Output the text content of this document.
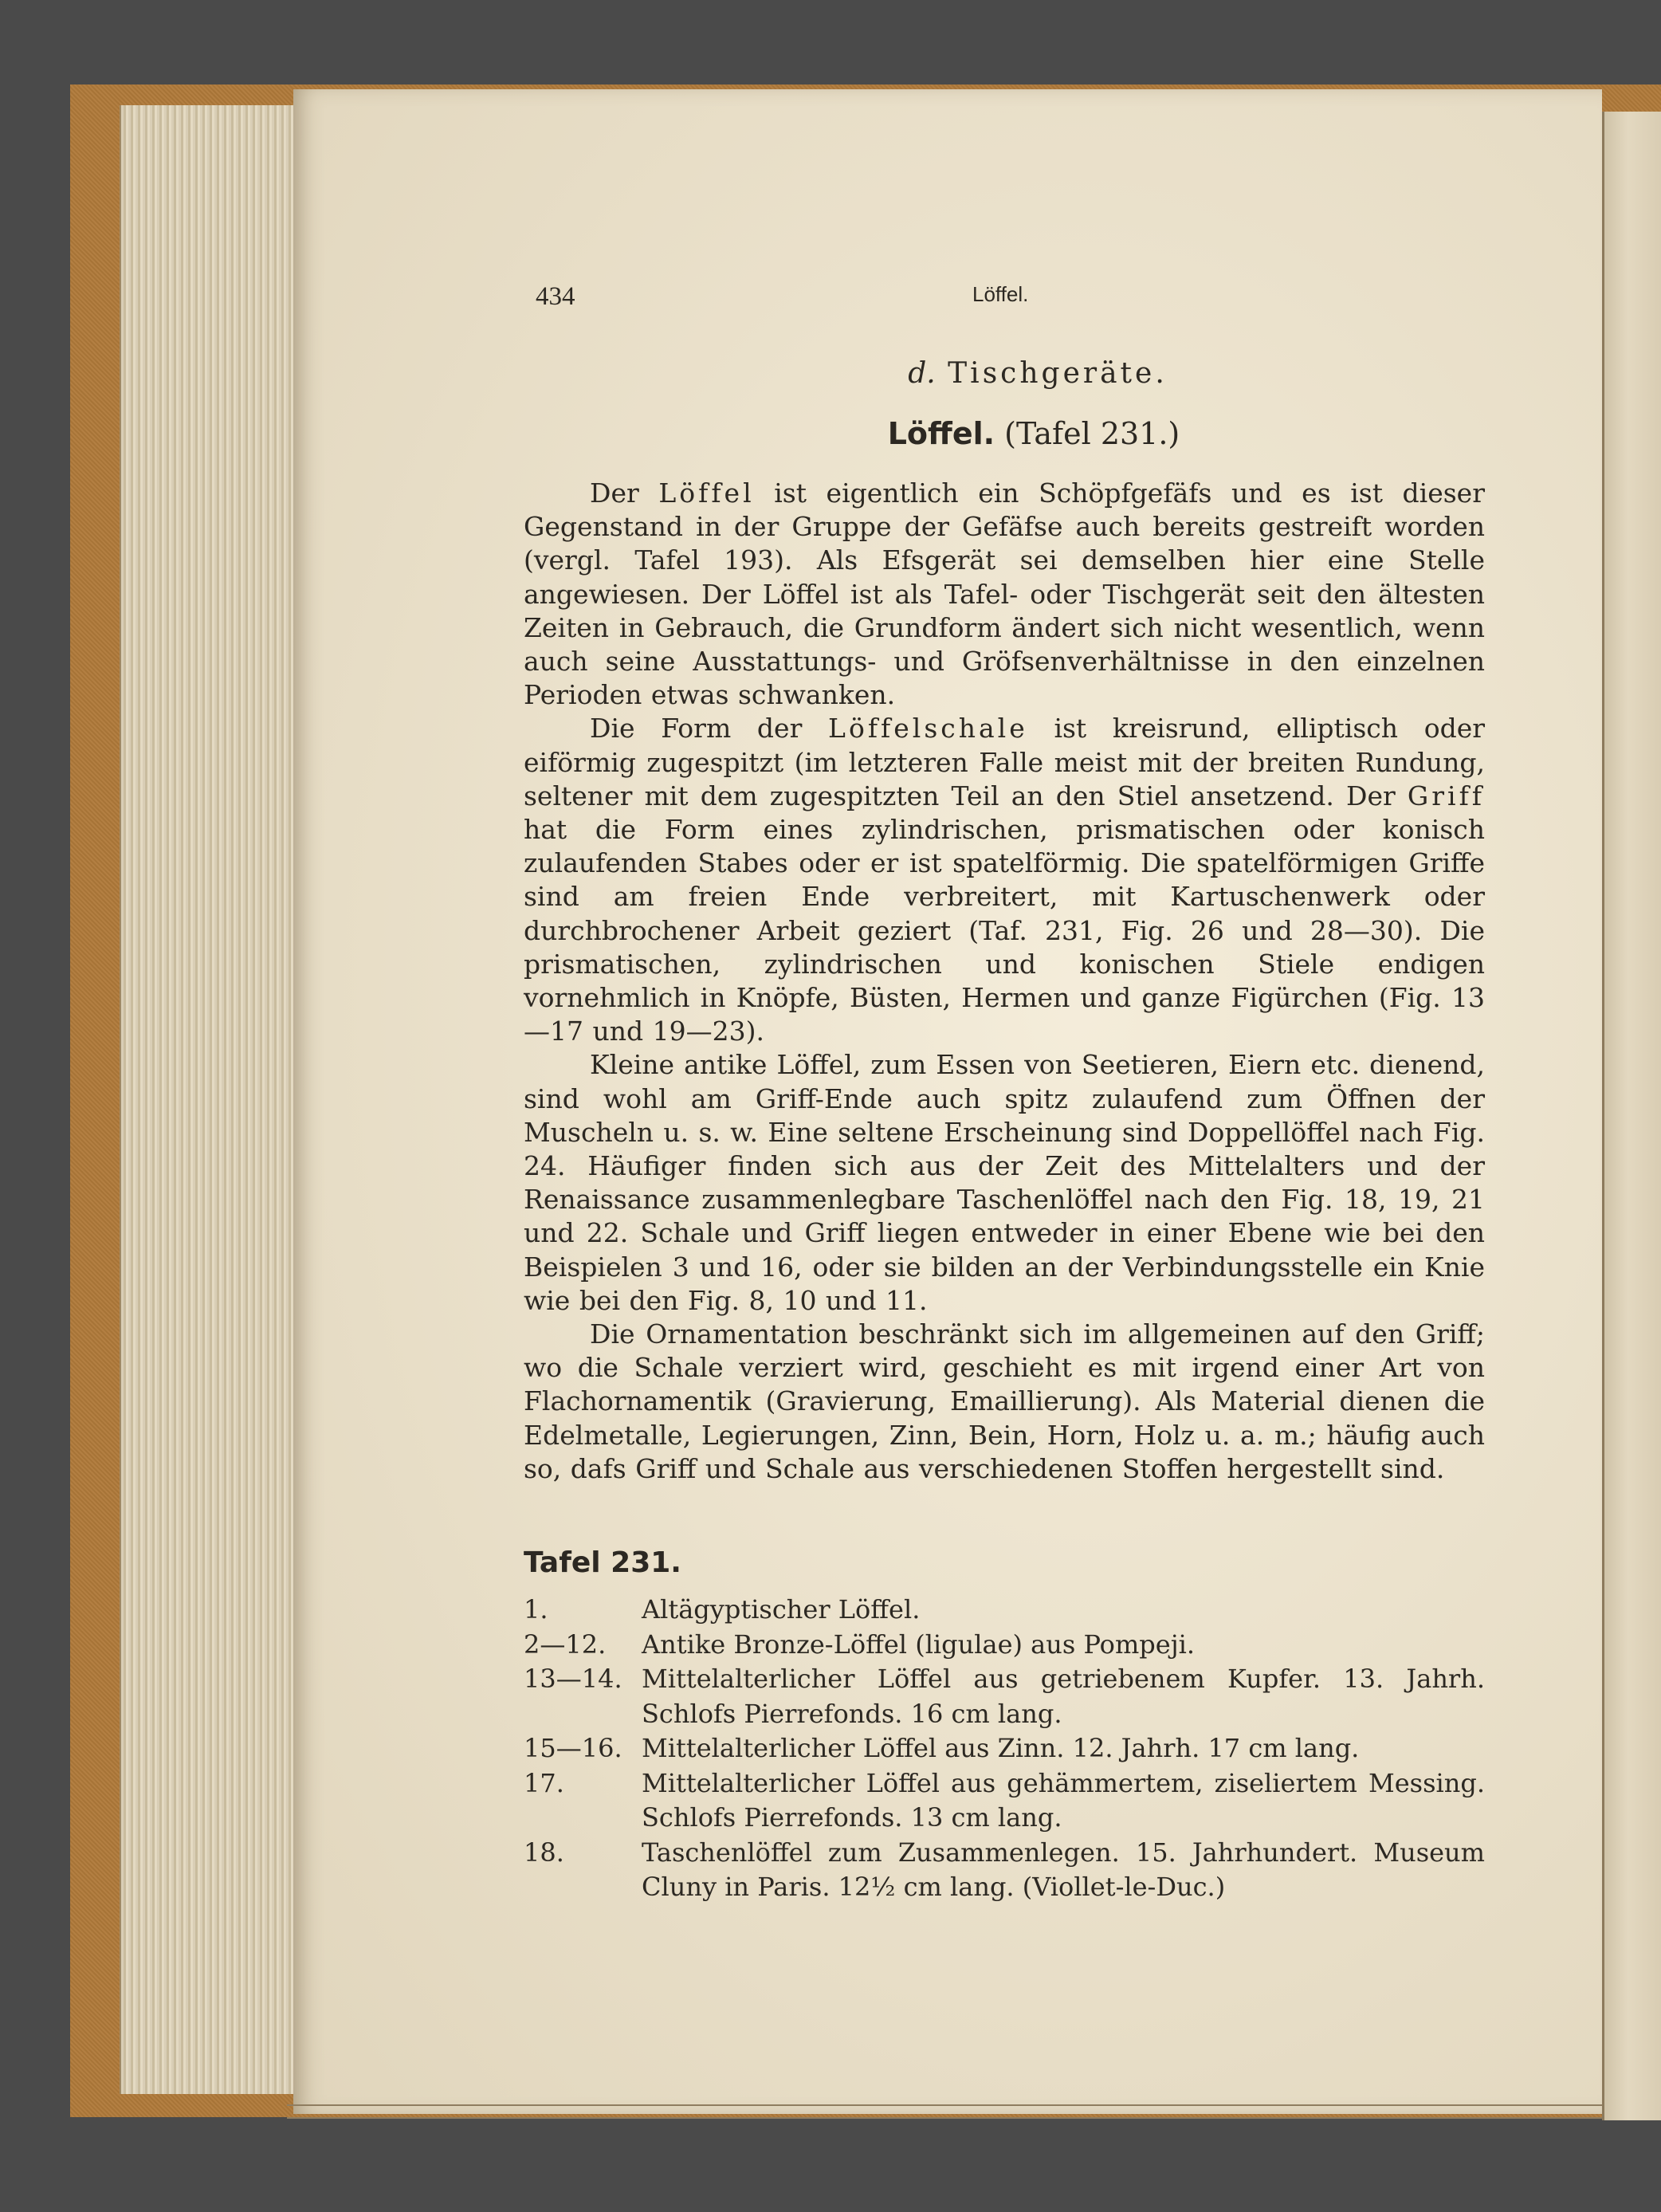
434	Löffel.
d. Tischgeräte.
Löffel. (Tafel 231.)

Der Löffel ist eigentlich ein Schöpfgefäfs und es ist dieser Gegenstand in der Gruppe der Gefäfse auch bereits gestreift worden (vergl. Tafel 193). Als Efsgerät sei demselben hier eine Stelle angewiesen. Der Löffel ist als Tafel- oder Tischgerät seit den ältesten Zeiten in Gebrauch, die Grundform ändert sich nicht wesentlich, wenn auch seine Ausstattungs- und Gröfsenverhältnisse in den einzelnen Perioden etwas schwanken.

Die Form der Löffelschale ist kreisrund, elliptisch oder eiförmig zugespitzt (im letzteren Falle meist mit der breiten Rundung, seltener mit dem zugespitzten Teil an den Stiel ansetzend. Der Griff hat die Form eines zylindrischen, prismatischen oder konisch zulaufenden Stabes oder er ist spatelförmig. Die spatelförmigen Griffe sind am freien Ende verbreitert, mit Kartuschenwerk oder durchbrochener Arbeit geziert (Taf. 231, Fig. 26 und 28—30). Die prismatischen, zylindrischen und konischen Stiele endigen vornehmlich in Knöpfe, Büsten, Hermen und ganze Figürchen (Fig. 13—17 und 19—23).

Kleine antike Löffel, zum Essen von Seetieren, Eiern etc. dienend, sind wohl am Griff-Ende auch spitz zulaufend zum Öffnen der Muscheln u. s. w. Eine seltene Erscheinung sind Doppellöffel nach Fig. 24. Häufiger finden sich aus der Zeit des Mittelalters und der Renaissance zusammenlegbare Taschenlöffel nach den Fig. 18, 19, 21 und 22. Schale und Griff liegen entweder in einer Ebene wie bei den Beispielen 3 und 16, oder sie bilden an der Verbindungsstelle ein Knie wie bei den Fig. 8, 10 und 11.

Die Ornamentation beschränkt sich im allgemeinen auf den Griff; wo die Schale verziert wird, geschieht es mit irgend einer Art von Flachornamentik (Gravierung, Emaillierung). Als Material dienen die Edelmetalle, Legierungen, Zinn, Bein, Horn, Holz u. a. m.; häufig auch so, dafs Griff und Schale aus verschiedenen Stoffen hergestellt sind.

Tafel 231.
1.	Altägyptischer Löffel.
2—12.	Antike Bronze-Löffel (ligulae) aus Pompeji.
13—14. Mittelalterlicher Löffel aus getriebenem Kupfer. 13. Jahrh. Schlofs Pierrefonds. 16 cm lang.
15—16. Mittelalterlicher Löffel aus Zinn. 12. Jahrh. 17 cm lang.
17.	Mittelalterlicher Löffel aus gehämmertem, ziseliertem Messing. Schlofs Pierrefonds. 13 cm lang.
18.	Taschenlöffel zum Zusammenlegen. 15. Jahrhundert. Museum Cluny in Paris. 12½ cm lang. (Viollet-le-Duc.)
